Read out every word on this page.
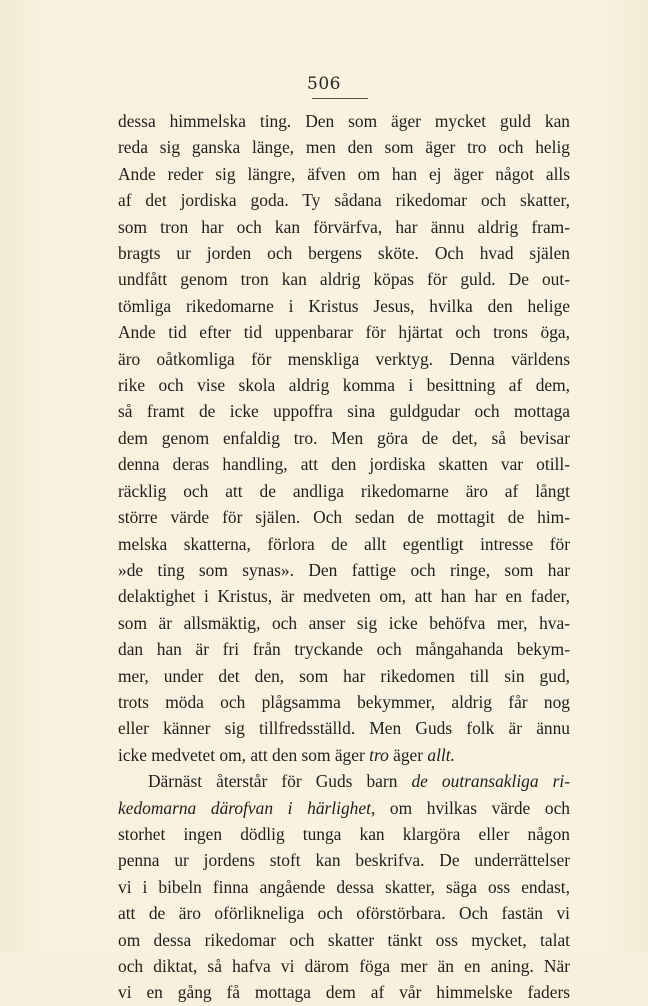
506
dessa himmelska ting. Den som äger mycket guld kan
reda sig ganska länge, men den som äger tro och helig
Ande reder sig längre, äfven om han ej äger något alls
af det jordiska goda. Ty sådana rikedomar och skatter,
som tron har och kan förvärfva, har ännu aldrig fram-
bragts ur jorden och bergens sköte. Och hvad själen
undfått genom tron kan aldrig köpas för guld. De out-
tömliga rikedomarne i Kristus Jesus, hvilka den helige
Ande tid efter tid uppenbarar för hjärtat och trons öga,
äro oåtkomliga för menskliga verktyg. Denna världens
rike och vise skola aldrig komma i besittning af dem,
så framt de icke uppoffra sina guldgudar och mottaga
dem genom enfaldig tro. Men göra de det, så bevisar
denna deras handling, att den jordiska skatten var otill-
räcklig och att de andliga rikedomarne äro af långt
större värde för själen. Och sedan de mottagit de him-
melska skatterna, förlora de allt egentligt intresse för
»de ting som synas». Den fattige och ringe, som har
delaktighet i Kristus, är medveten om, att han har en fader,
som är allsmäktig, och anser sig icke behöfva mer, hva-
dan han är fri från tryckande och mångahanda bekym-
mer, under det den, som har rikedomen till sin gud,
trots möda och plågsamma bekymmer, aldrig får nog
eller känner sig tillfredsställd. Men Guds folk är ännu
icke medvetet om, att den som äger tro äger allt.
Därnäst återstår för Guds barn de outransakliga ri-
kedomarna därofvan i härlighet, om hvilkas värde och
storhet ingen dödlig tunga kan klargöra eller någon
penna ur jordens stoft kan beskrifva. De underrättelser
vi i bibeln finna angående dessa skatter, säga oss endast,
att de äro oförlikneliga och oförstörbara. Och fastän vi
om dessa rikedomar och skatter tänkt oss mycket, talat
och diktat, så hafva vi därom föga mer än en aning. När
vi en gång få mottaga dem af vår himmelske faders
